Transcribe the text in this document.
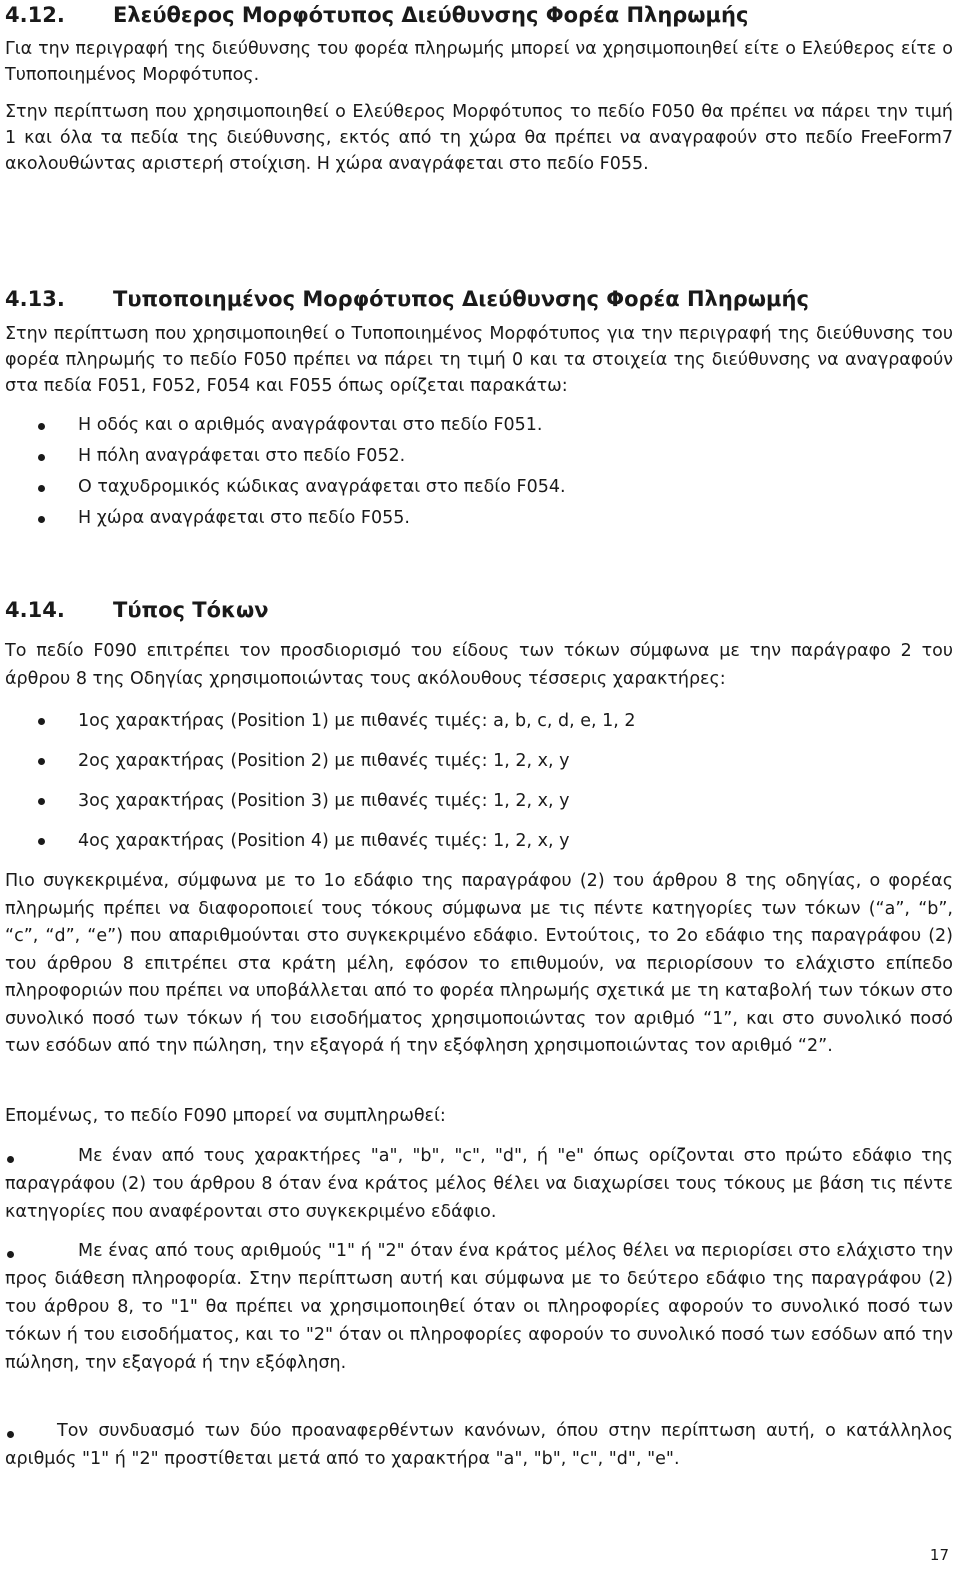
4.12. Ελεύθερος Μορφότυπος Διεύθυνσης Φορέα Πληρωμής

Για την περιγραφή της διεύθυνσης του φορέα πληρωμής μπορεί να χρησιμοποιηθεί είτε ο Ελεύθερος είτε ο Τυποποιημένος Μορφότυπος.

Στην περίπτωση που χρησιμοποιηθεί ο Ελεύθερος Μορφότυπος το πεδίο F050 θα πρέπει να πάρει την τιμή 1 και όλα τα πεδία της διεύθυνσης, εκτός από τη χώρα θα πρέπει να αναγραφούν στο πεδίο FreeForm7 ακολουθώντας αριστερή στοίχιση. Η χώρα αναγράφεται στο πεδίο F055.

4.13. Τυποποιημένος Μορφότυπος Διεύθυνσης Φορέα Πληρωμής

Στην περίπτωση που χρησιμοποιηθεί ο Τυποποιημένος Μορφότυπος για την περιγραφή της διεύθυνσης του φορέα πληρωμής το πεδίο F050 πρέπει να πάρει τη τιμή 0 και τα στοιχεία της διεύθυνσης να αναγραφούν στα πεδία F051, F052, F054 και F055 όπως ορίζεται παρακάτω:

Η οδός και ο αριθμός αναγράφονται στο πεδίο F051.
Η πόλη αναγράφεται στο πεδίο F052.
Ο ταχυδρομικός κώδικας αναγράφεται στο πεδίο F054.
Η χώρα αναγράφεται στο πεδίο F055.
4.14. Τύπος Τόκων

Το πεδίο F090 επιτρέπει τον προσδιορισμό του είδους των τόκων σύμφωνα με την παράγραφο 2 του άρθρου 8 της Οδηγίας χρησιμοποιώντας τους ακόλουθους τέσσερις χαρακτήρες:

1ος χαρακτήρας (Position 1) με πιθανές τιμές: a, b, c, d, e, 1, 2
2ος χαρακτήρας (Position 2) με πιθανές τιμές: 1, 2, x, y
3ος χαρακτήρας (Position 3) με πιθανές τιμές: 1, 2, x, y
4ος χαρακτήρας (Position 4) με πιθανές τιμές: 1, 2, x, y

Πιο συγκεκριμένα, σύμφωνα με το 1ο εδάφιο της παραγράφου (2) του άρθρου 8 της οδηγίας, ο φορέας πληρωμής πρέπει να διαφοροποιεί τους τόκους σύμφωνα με τις πέντε κατηγορίες των τόκων (“a”, “b”, “c”, “d”, “e”) που απαριθμούνται στο συγκεκριμένο εδάφιο. Εντούτοις, το 2ο εδάφιο της παραγράφου (2) του άρθρου 8 επιτρέπει στα κράτη μέλη, εφόσον το επιθυμούν, να περιορίσουν το ελάχιστο επίπεδο πληροφοριών που πρέπει να υποβάλλεται από το φορέα πληρωμής σχετικά με τη καταβολή των τόκων στο συνολικό ποσό των τόκων ή του εισοδήματος χρησιμοποιώντας τον αριθμό “1”, και στο συνολικό ποσό των εσόδων από την πώληση, την εξαγορά ή την εξόφληση χρησιμοποιώντας τον αριθμό “2”.

Επομένως, το πεδίο F090 μπορεί να συμπληρωθεί:

Με έναν από τους χαρακτήρες "a", "b", "c", "d", ή "e" όπως ορίζονται στο πρώτο εδάφιο της παραγράφου (2) του άρθρου 8 όταν ένα κράτος μέλος θέλει να διαχωρίσει τους τόκους με βάση τις πέντε κατηγορίες που αναφέρονται στο συγκεκριμένο εδάφιο.

Με ένας από τους αριθμούς "1" ή "2" όταν ένα κράτος μέλος θέλει να περιορίσει στο ελάχιστο την προς διάθεση πληροφορία. Στην περίπτωση αυτή και σύμφωνα με το δεύτερο εδάφιο της παραγράφου (2) του άρθρου 8, το "1" θα πρέπει να χρησιμοποιηθεί όταν οι πληροφορίες αφορούν το συνολικό ποσό των τόκων ή του εισοδήματος, και το "2" όταν οι πληροφορίες αφορούν το συνολικό ποσό των εσόδων από την πώληση, την εξαγορά ή την εξόφληση.

Τον συνδυασμό των δύο προαναφερθέντων κανόνων, όπου στην περίπτωση αυτή, ο κατάλληλος αριθμός "1" ή "2" προστίθεται μετά από το χαρακτήρα "a", "b", "c", "d", "e".

17
